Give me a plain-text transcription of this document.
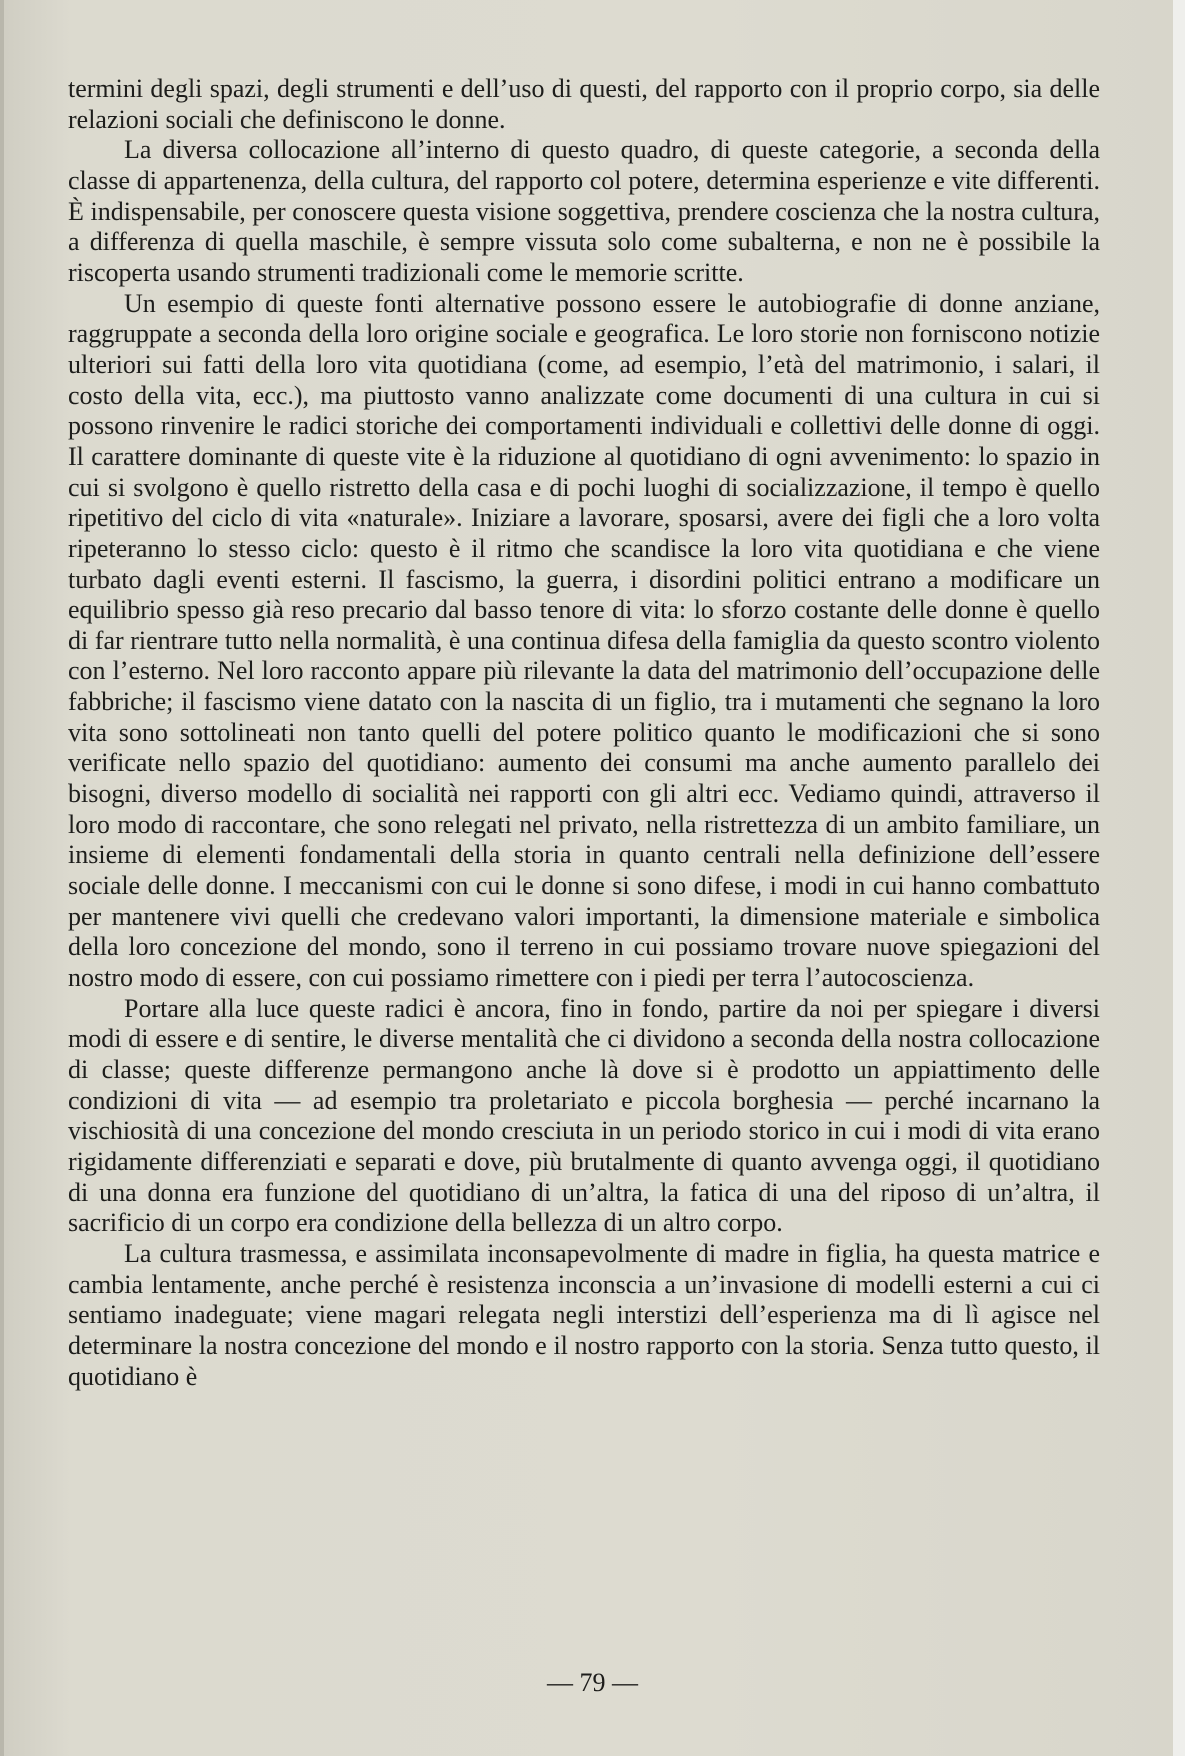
termini degli spazi, degli strumenti e dell’uso di questi, del rapporto con il proprio corpo, sia delle relazioni sociali che definiscono le donne.

La diversa collocazione all’interno di questo quadro, di queste categorie, a seconda della classe di appartenenza, della cultura, del rapporto col potere, determina esperienze e vite differenti. È indispensabile, per conoscere questa visione soggettiva, prendere coscienza che la nostra cultura, a differenza di quella maschile, è sempre vissuta solo come subalterna, e non ne è possibile la riscoperta usando strumenti tradizionali come le memorie scritte.

Un esempio di queste fonti alternative possono essere le autobiografie di donne anziane, raggruppate a seconda della loro origine sociale e geografica. Le loro storie non forniscono notizie ulteriori sui fatti della loro vita quotidiana (come, ad esempio, l’età del matrimonio, i salari, il costo della vita, ecc.), ma piuttosto vanno analizzate come documenti di una cultura in cui si possono rinvenire le radici storiche dei comportamenti individuali e collettivi delle donne di oggi. Il carattere dominante di queste vite è la riduzione al quotidiano di ogni avvenimento: lo spazio in cui si svolgono è quello ristretto della casa e di pochi luoghi di socializzazione, il tempo è quello ripetitivo del ciclo di vita «naturale». Iniziare a lavorare, sposarsi, avere dei figli che a loro volta ripeteranno lo stesso ciclo: questo è il ritmo che scandisce la loro vita quotidiana e che viene turbato dagli eventi esterni. Il fascismo, la guerra, i disordini politici entrano a modificare un equilibrio spesso già reso precario dal basso tenore di vita: lo sforzo costante delle donne è quello di far rientrare tutto nella normalità, è una continua difesa della famiglia da questo scontro violento con l’esterno. Nel loro racconto appare più rilevante la data del matrimonio dell’occupazione delle fabbriche; il fascismo viene datato con la nascita di un figlio, tra i mutamenti che segnano la loro vita sono sottolineati non tanto quelli del potere politico quanto le modificazioni che si sono verificate nello spazio del quotidiano: aumento dei consumi ma anche aumento parallelo dei bisogni, diverso modello di socialità nei rapporti con gli altri ecc. Vediamo quindi, attraverso il loro modo di raccontare, che sono relegati nel privato, nella ristrettezza di un ambito familiare, un insieme di elementi fondamentali della storia in quanto centrali nella definizione dell’essere sociale delle donne. I meccanismi con cui le donne si sono difese, i modi in cui hanno combattuto per mantenere vivi quelli che credevano valori importanti, la dimensione materiale e simbolica della loro concezione del mondo, sono il terreno in cui possiamo trovare nuove spiegazioni del nostro modo di essere, con cui possiamo rimettere con i piedi per terra l’autocoscienza.

Portare alla luce queste radici è ancora, fino in fondo, partire da noi per spiegare i diversi modi di essere e di sentire, le diverse mentalità che ci dividono a seconda della nostra collocazione di classe; queste differenze permangono anche là dove si è prodotto un appiattimento delle condizioni di vita — ad esempio tra proletariato e piccola borghesia — perché incarnano la vischiosità di una concezione del mondo cresciuta in un periodo storico in cui i modi di vita erano rigidamente differenziati e separati e dove, più brutalmente di quanto avvenga oggi, il quotidiano di una donna era funzione del quotidiano di un’altra, la fatica di una del riposo di un’altra, il sacrificio di un corpo era condizione della bellezza di un altro corpo.

La cultura trasmessa, e assimilata inconsapevolmente di madre in figlia, ha questa matrice e cambia lentamente, anche perché è resistenza inconscia a un’invasione di modelli esterni a cui ci sentiamo inadeguate; viene magari relegata negli interstizi dell’esperienza ma di lì agisce nel determinare la nostra concezione del mondo e il nostro rapporto con la storia. Senza tutto questo, il quotidiano è

— 79 —
